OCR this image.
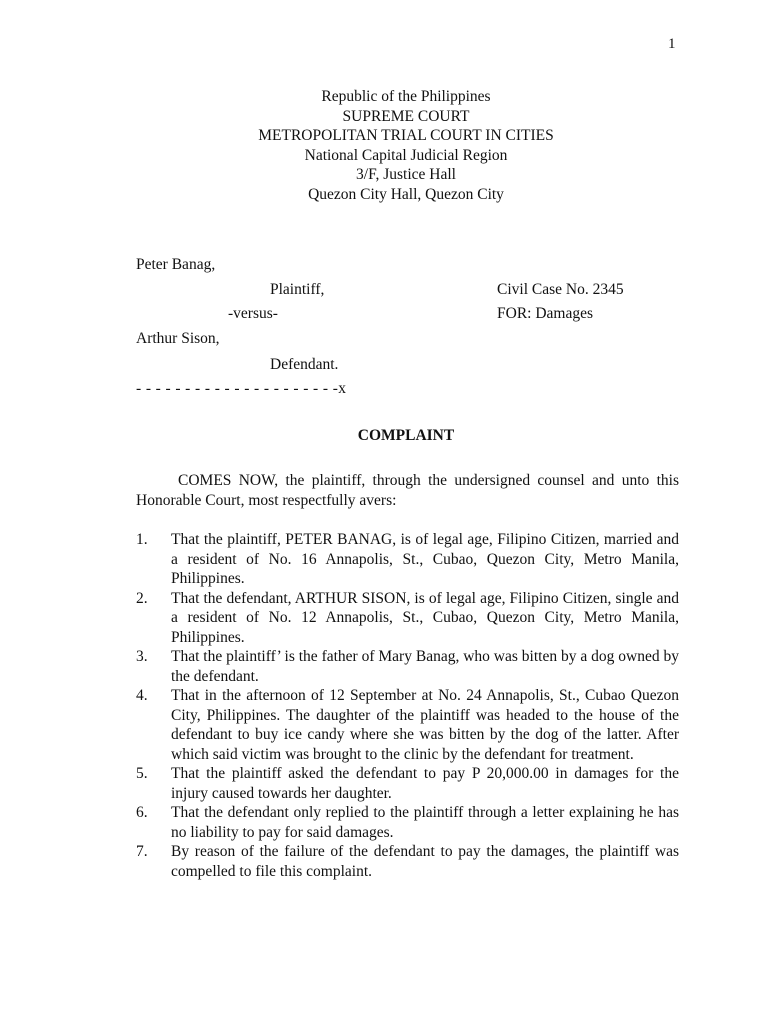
1
Republic of the Philippines
SUPREME COURT
METROPOLITAN TRIAL COURT IN CITIES
National Capital Judicial Region
3/F, Justice Hall
Quezon City Hall, Quezon City
Peter Banag,
Plaintiff,	Civil Case No. 2345
-versus-	FOR: Damages
Arthur Sison,
Defendant.
- - - - - - - - - - - - - - - - - - - - -x
COMPLAINT
COMES NOW, the plaintiff, through the undersigned counsel and unto this Honorable Court, most respectfully avers:
1. That the plaintiff, PETER BANAG, is of legal age, Filipino Citizen, married and a resident of No. 16 Annapolis, St., Cubao, Quezon City, Metro Manila, Philippines.
2. That the defendant, ARTHUR SISON, is of legal age, Filipino Citizen, single and a resident of No. 12 Annapolis, St., Cubao, Quezon City, Metro Manila, Philippines.
3. That the plaintiff’ is the father of Mary Banag, who was bitten by a dog owned by the defendant.
4. That in the afternoon of 12 September at No. 24 Annapolis, St., Cubao Quezon City, Philippines. The daughter of the plaintiff was headed to the house of the defendant to buy ice candy where she was bitten by the dog of the latter. After which said victim was brought to the clinic by the defendant for treatment.
5. That the plaintiff asked the defendant to pay P 20,000.00 in damages for the injury caused towards her daughter.
6. That the defendant only replied to the plaintiff through a letter explaining he has no liability to pay for said damages.
7. By reason of the failure of the defendant to pay the damages, the plaintiff was compelled to file this complaint.
